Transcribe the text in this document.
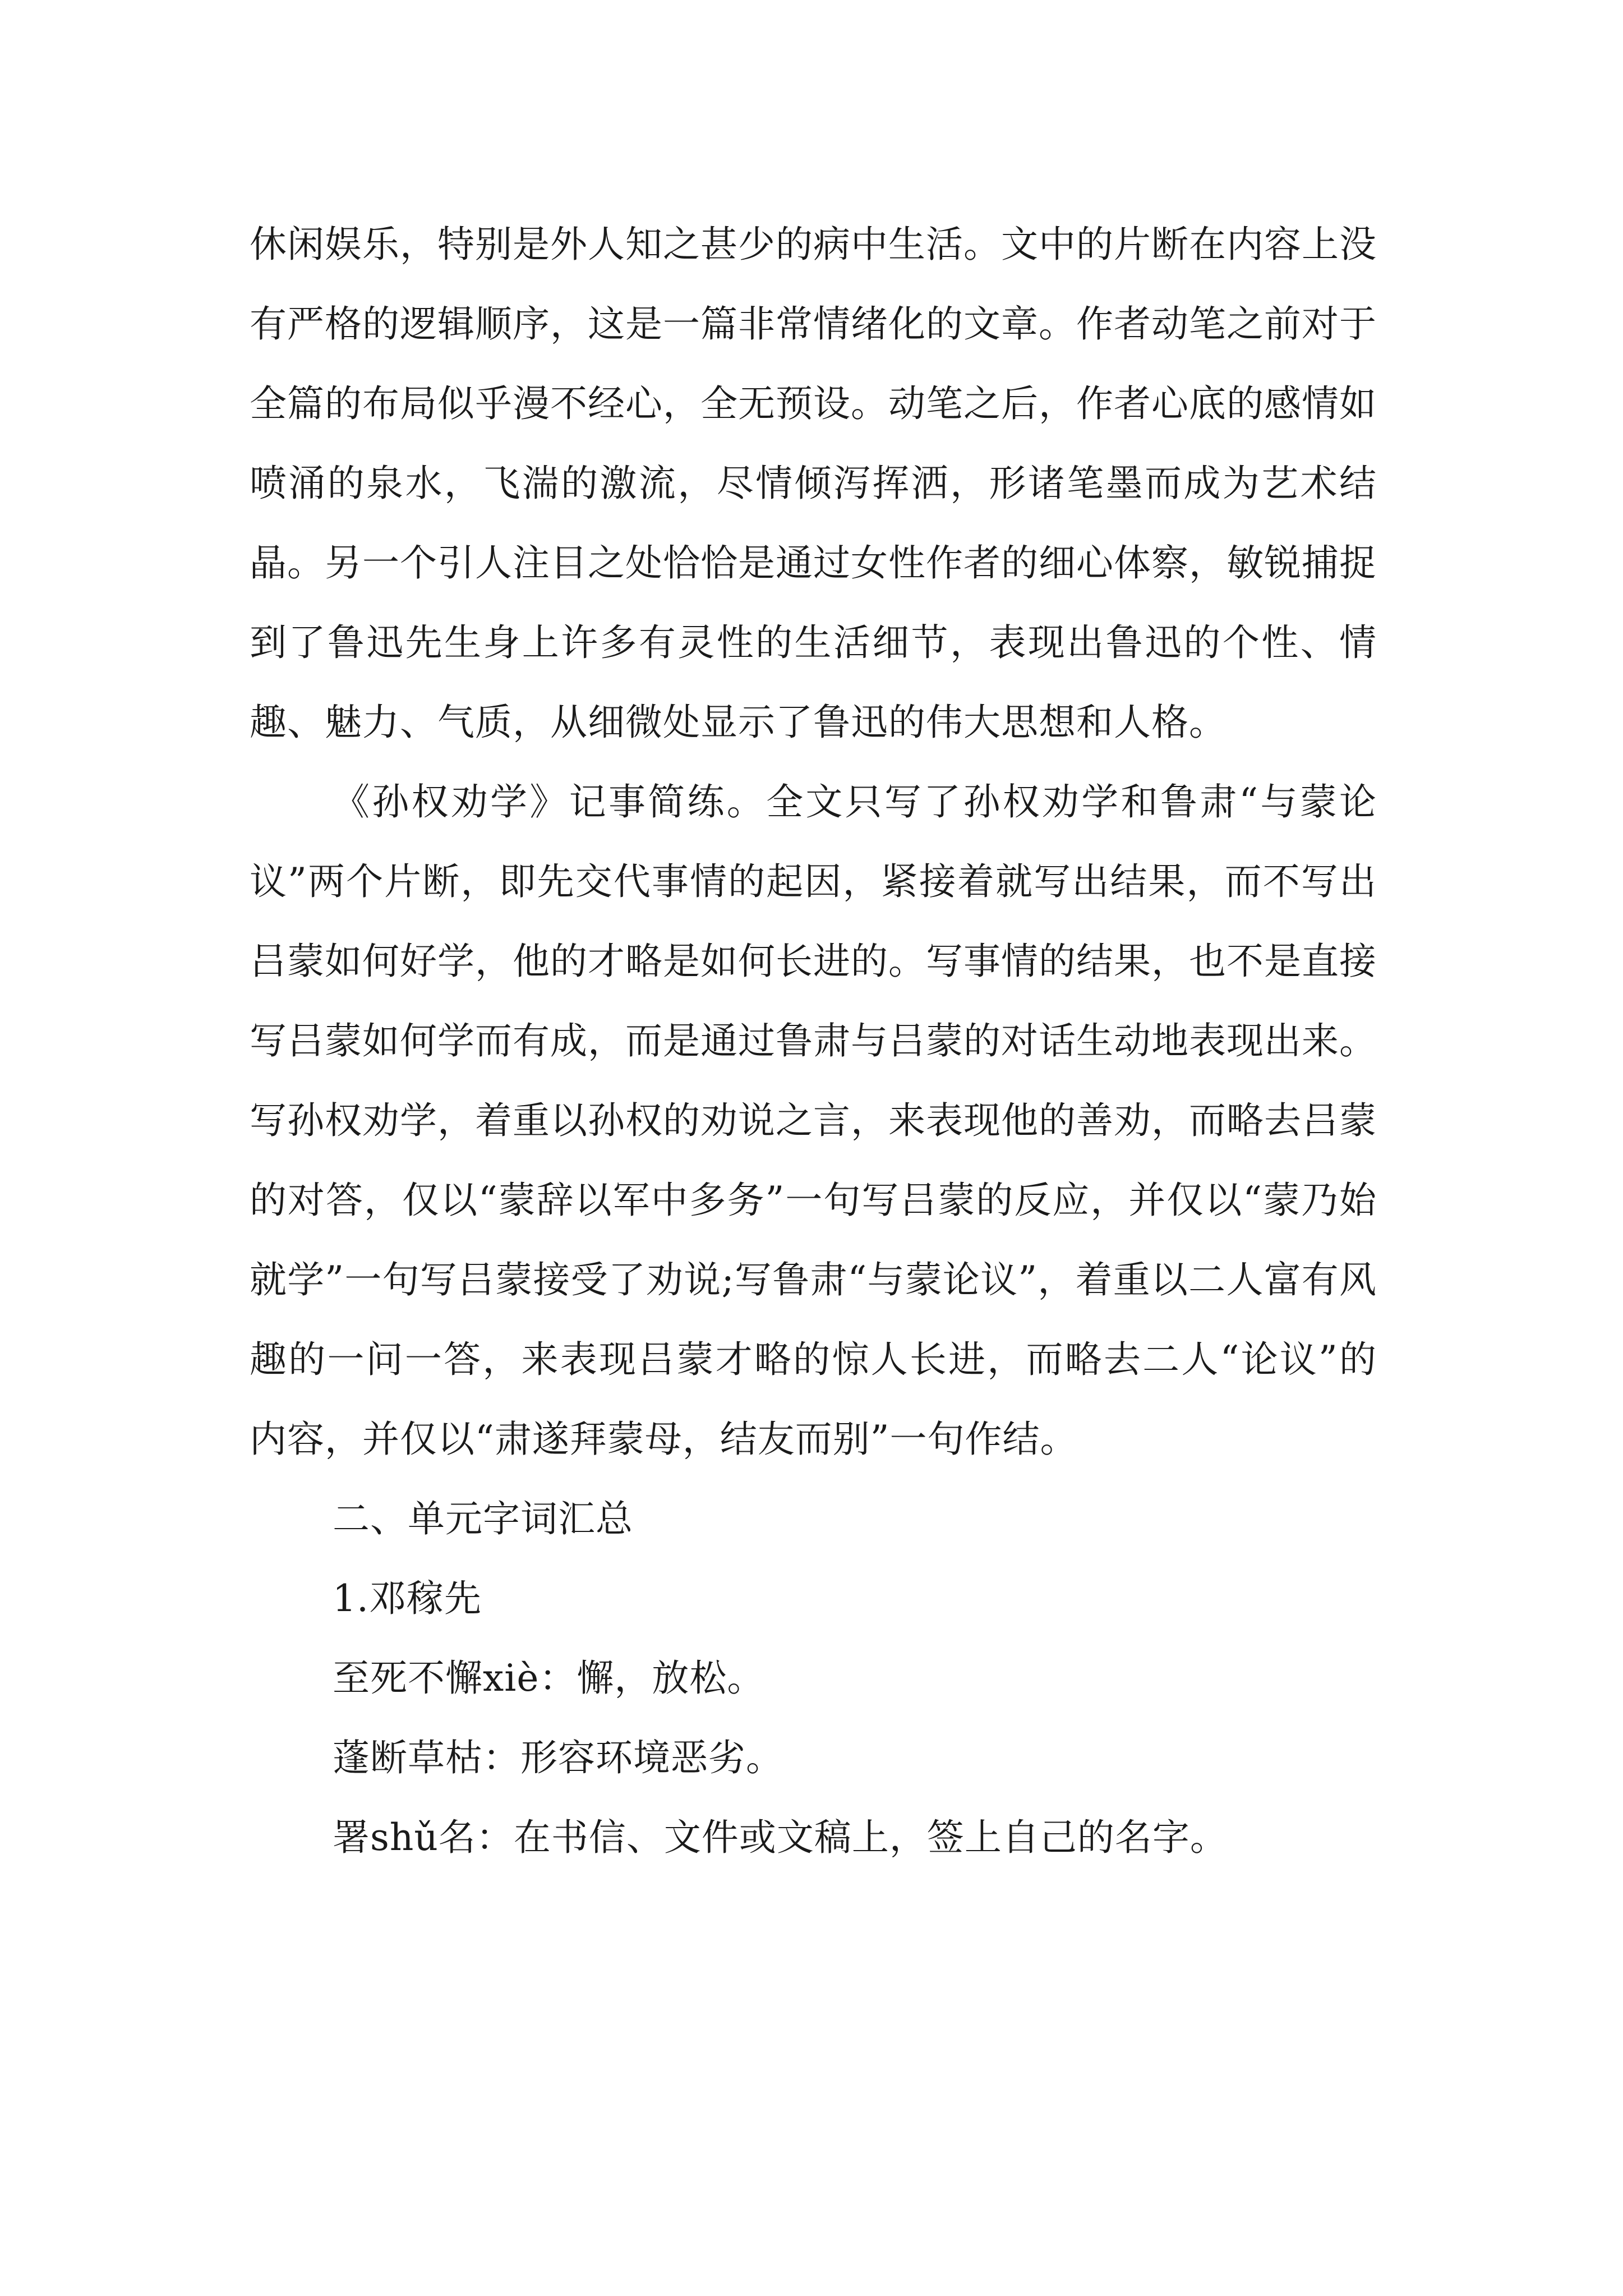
休闲娱乐，特别是外人知之甚少的病中生活。文中的片断在内容上没有严格的逻辑顺序，这是一篇非常情绪化的文章。作者动笔之前对于全篇的布局似乎漫不经心，全无预设。动笔之后，作者心底的感情如喷涌的泉水，飞湍的激流，尽情倾泻挥洒，形诸笔墨而成为艺术结晶。另一个引人注目之处恰恰是通过女性作者的细心体察，敏锐捕捉到了鲁迅先生身上许多有灵性的生活细节，表现出鲁迅的个性、情趣、魅力、气质，从细微处显示了鲁迅的伟大思想和人格。

《孙权劝学》记事简练。全文只写了孙权劝学和鲁肃“与蒙论议”两个片断，即先交代事情的起因，紧接着就写出结果，而不写出吕蒙如何好学，他的才略是如何长进的。写事情的结果，也不是直接写吕蒙如何学而有成，而是通过鲁肃与吕蒙的对话生动地表现出来。写孙权劝学，着重以孙权的劝说之言，来表现他的善劝，而略去吕蒙的对答，仅以“蒙辞以军中多务”一句写吕蒙的反应，并仅以“蒙乃始就学”一句写吕蒙接受了劝说;写鲁肃“与蒙论议”，着重以二人富有风趣的一问一答，来表现吕蒙才略的惊人长进，而略去二人“论议”的内容，并仅以“肃遂拜蒙母，结友而别”一句作结。

二、单元字词汇总

1.邓稼先

至死不懈xiè：懈，放松。

蓬断草枯：形容环境恶劣。

署shǔ名：在书信、文件或文稿上，签上自己的名字。
